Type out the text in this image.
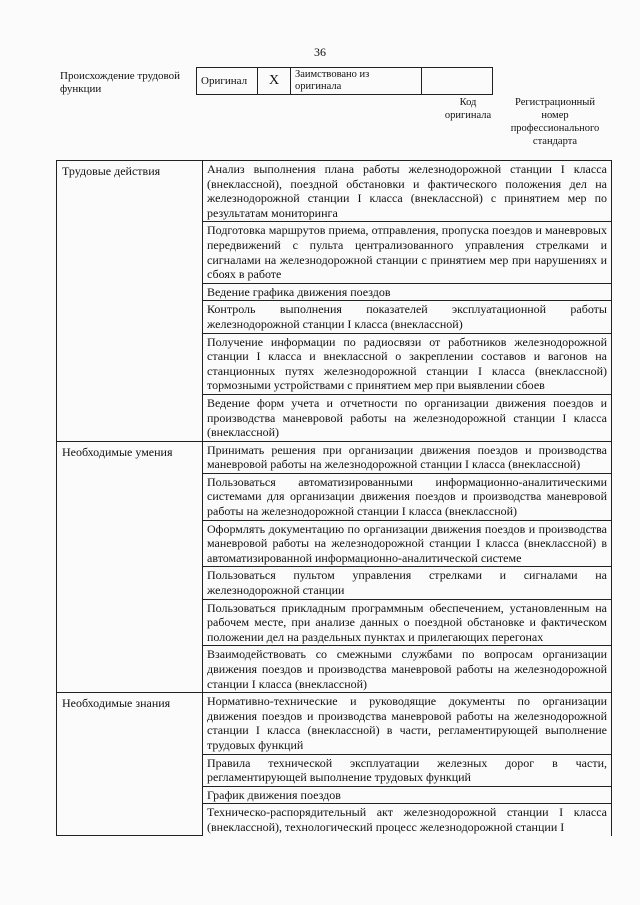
36
Происхождение трудовой функции
Оригинал	X	Заимствовано из оригинала		
Код оригинала
Регистрационный номер профессионального стандарта
Трудовые действия	Анализ выполнения плана работы железнодорожной станции I класса (внеклассной), поездной обстановки и фактического положения дел на железнодорожной станции I класса (внеклассной) с принятием мер по результатам мониторинга
	Подготовка маршрутов приема, отправления, пропуска поездов и маневровых передвижений с пульта централизованного управления стрелками и сигналами на железнодорожной станции с принятием мер при нарушениях и сбоях в работе
	Ведение графика движения поездов
	Контроль выполнения показателей эксплуатационной работы железнодорожной станции I класса (внеклассной)
	Получение информации по радиосвязи от работников железнодорожной станции I класса и внеклассной о закреплении составов и вагонов на станционных путях железнодорожной станции I класса (внеклассной) тормозными устройствами с принятием мер при выявлении сбоев
	Ведение форм учета и отчетности по организации движения поездов и производства маневровой работы на железнодорожной станции I класса (внеклассной)
Необходимые умения	Принимать решения при организации движения поездов и производства маневровой работы на железнодорожной станции I класса (внеклассной)
	Пользоваться автоматизированными информационно-аналитическими системами для организации движения поездов и производства маневровой работы на железнодорожной станции I класса (внеклассной)
	Оформлять документацию по организации движения поездов и производства маневровой работы на железнодорожной станции I класса (внеклассной) в автоматизированной информационно-аналитической системе
	Пользоваться пультом управления стрелками и сигналами на железнодорожной станции
	Пользоваться прикладным программным обеспечением, установленным на рабочем месте, при анализе данных о поездной обстановке и фактическом положении дел на раздельных пунктах и прилегающих перегонах
	Взаимодействовать со смежными службами по вопросам организации движения поездов и производства маневровой работы на железнодорожной станции I класса (внеклассной)
Необходимые знания	Нормативно-технические и руководящие документы по организации движения поездов и производства маневровой работы на железнодорожной станции I класса (внеклассной) в части, регламентирующей выполнение трудовых функций
	Правила технической эксплуатации железных дорог в части, регламентирующей выполнение трудовых функций
	График движения поездов
	Техническо-распорядительный акт железнодорожной станции I класса (внеклассной), технологический процесс железнодорожной станции I
